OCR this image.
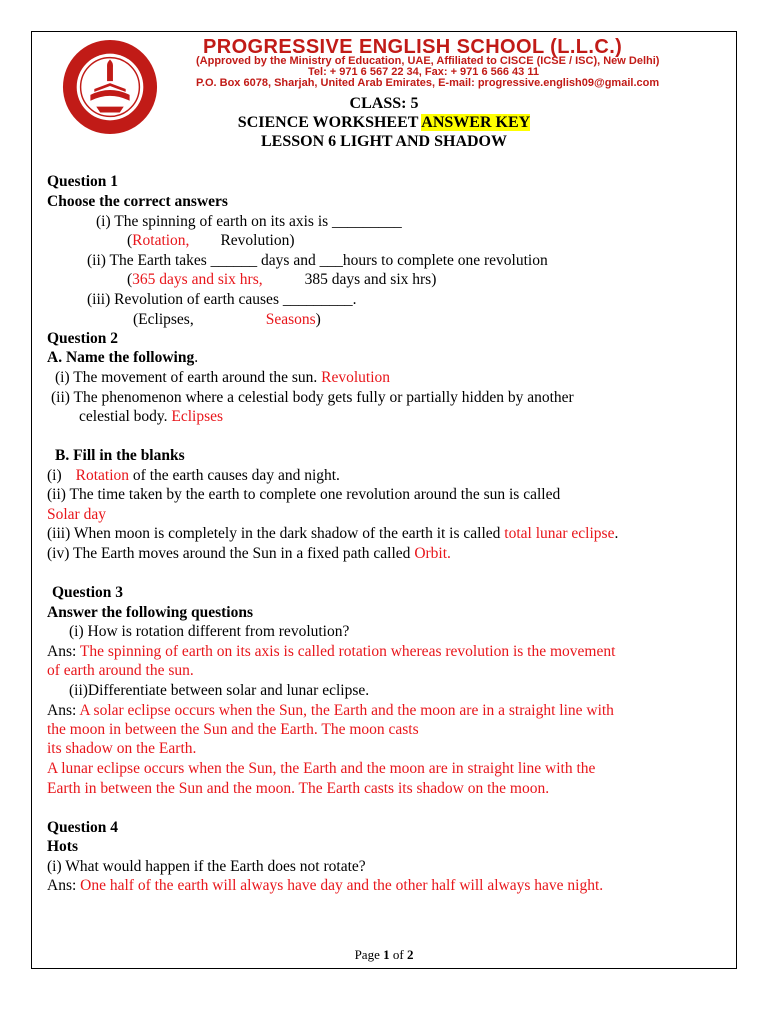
PROGRESSIVE ENGLISH SCHOOL (L.L.C.)
(Approved by the Ministry of Education, UAE, Affiliated to CISCE (ICSE / ISC), New Delhi)
Tel: + 971 6 567 22 34, Fax: + 971 6 566 43 11
P.O. Box 6078, Sharjah, United Arab Emirates, E-mail: progressive.english09@gmail.com
CLASS: 5
SCIENCE WORKSHEET ANSWER KEY
LESSON 6 LIGHT AND SHADOW
Question 1
Choose the correct answers
(i) The spinning of earth on its axis is _________
(Rotation, Revolution)
(ii) The Earth takes ______ days and ___hours to complete one revolution
(365 days and six hrs,	385 days and six hrs)
(iii) Revolution of earth causes _________.
(Eclipses,	Seasons)
Question 2
A. Name the following.
(i) The movement of earth around the sun. Revolution
(ii) The phenomenon where a celestial body gets fully or partially hidden by another
celestial body. Eclipses
B. Fill in the blanks
(i) Rotation of the earth causes day and night.
(ii) The time taken by the earth to complete one revolution around the sun is called
Solar day
(iii) When moon is completely in the dark shadow of the earth it is called total lunar eclipse.
(iv) The Earth moves around the Sun in a fixed path called Orbit.
Question 3
Answer the following questions
(i) How is rotation different from revolution?
Ans: The spinning of earth on its axis is called rotation whereas revolution is the movement
of earth around the sun.
(ii)Differentiate between solar and lunar eclipse.
Ans: A solar eclipse occurs when the Sun, the Earth and the moon are in a straight line with
the moon in between the Sun and the Earth. The moon casts
its shadow on the Earth.
A lunar eclipse occurs when the Sun, the Earth and the moon are in straight line with the
Earth in between the Sun and the moon. The Earth casts its shadow on the moon.
Question 4
Hots
(i) What would happen if the Earth does not rotate?
Ans: One half of the earth will always have day and the other half will always have night.
Page 1 of 2
